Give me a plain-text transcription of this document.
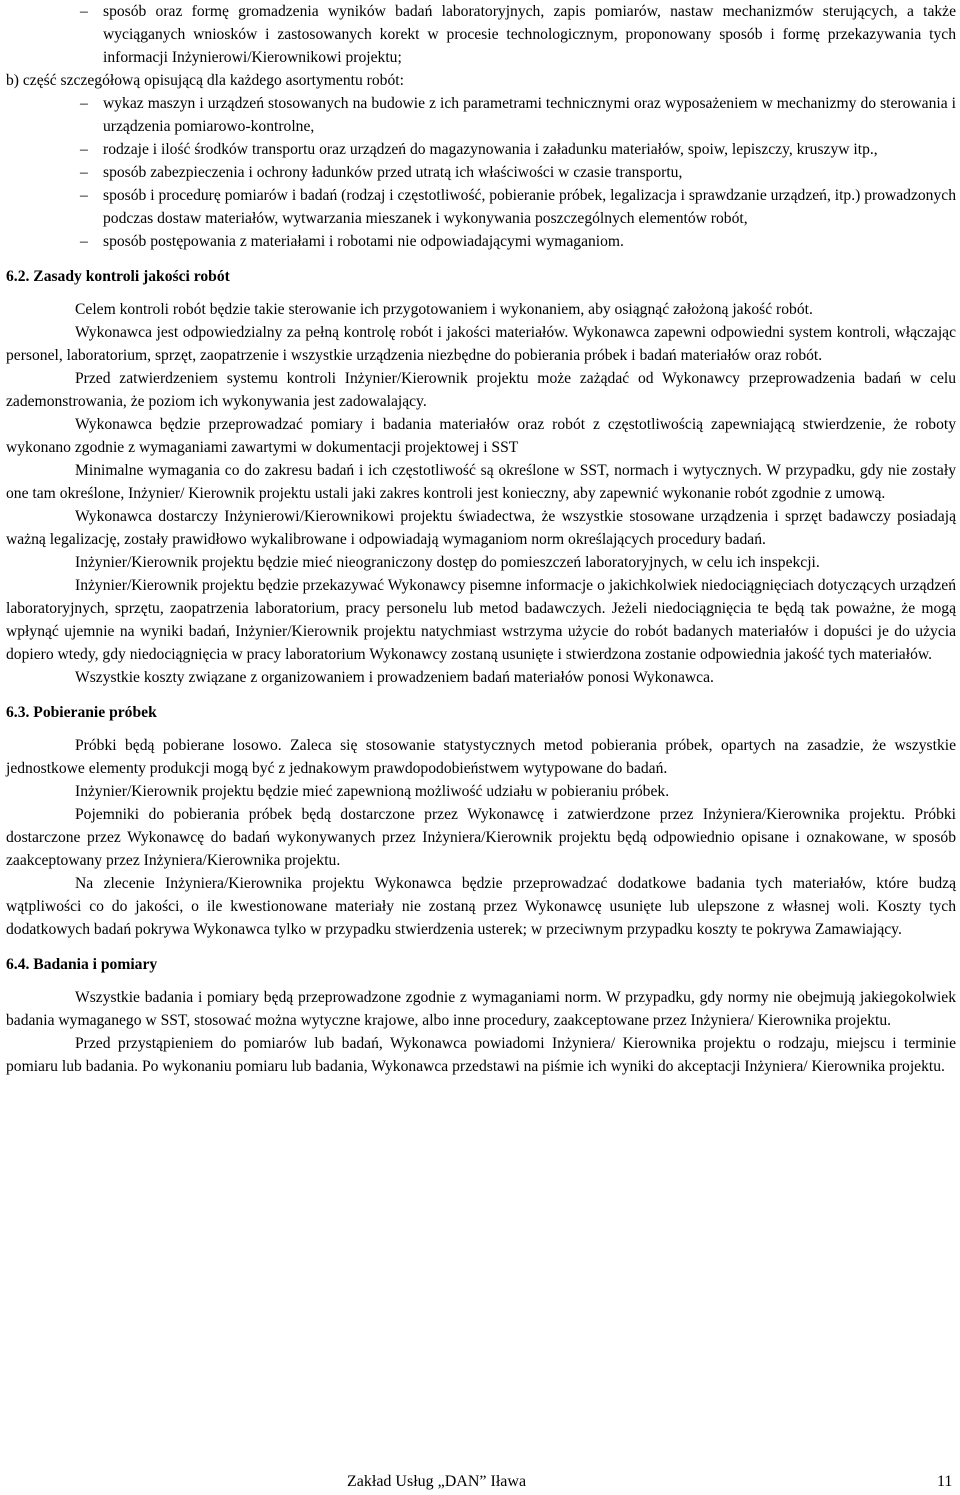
– sposób oraz formę gromadzenia wyników badań laboratoryjnych, zapis pomiarów, nastaw mechanizmów sterujących, a także wyciąganych wniosków i zastosowanych korekt w procesie technologicznym, proponowany sposób i formę przekazywania tych informacji Inżynierowi/Kierownikowi projektu;
b) część szczegółową opisującą dla każdego asortymentu robót:
– wykaz maszyn i urządzeń stosowanych na budowie z ich parametrami technicznymi oraz wyposażeniem w mechanizmy do sterowania i urządzenia pomiarowo-kontrolne,
– rodzaje i ilość środków transportu oraz urządzeń do magazynowania i załadunku materiałów, spoiw, lepiszczy, kruszyw itp.,
– sposób zabezpieczenia i ochrony ładunków przed utratą ich właściwości w czasie transportu,
– sposób i procedurę pomiarów i badań (rodzaj i częstotliwość, pobieranie próbek, legalizacja i sprawdzanie urządzeń, itp.) prowadzonych podczas dostaw materiałów, wytwarzania mieszanek i wykonywania poszczególnych elementów robót,
– sposób postępowania z materiałami i robotami nie odpowiadającymi wymaganiom.
6.2. Zasady kontroli jakości robót

Celem kontroli robót będzie takie sterowanie ich przygotowaniem i wykonaniem, aby osiągnąć założoną jakość robót.

Wykonawca jest odpowiedzialny za pełną kontrolę robót i jakości materiałów. Wykonawca zapewni odpowiedni system kontroli, włączając personel, laboratorium, sprzęt, zaopatrzenie i wszystkie urządzenia niezbędne do pobierania próbek i badań materiałów oraz robót.

Przed zatwierdzeniem systemu kontroli Inżynier/Kierownik projektu może zażądać od Wykonawcy przeprowadzenia badań w celu zademonstrowania, że poziom ich wykonywania jest zadowalający.

Wykonawca będzie przeprowadzać pomiary i badania materiałów oraz robót z częstotliwością zapewniającą stwierdzenie, że roboty wykonano zgodnie z wymaganiami zawartymi w dokumentacji projektowej i SST

Minimalne wymagania co do zakresu badań i ich częstotliwość są określone w SST, normach i wytycznych. W przypadku, gdy nie zostały one tam określone, Inżynier/ Kierownik projektu ustali jaki zakres kontroli jest konieczny, aby zapewnić wykonanie robót zgodnie z umową.

Wykonawca dostarczy Inżynierowi/Kierownikowi projektu świadectwa, że wszystkie stosowane urządzenia i sprzęt badawczy posiadają ważną legalizację, zostały prawidłowo wykalibrowane i odpowiadają wymaganiom norm określających procedury badań.

Inżynier/Kierownik projektu będzie mieć nieograniczony dostęp do pomieszczeń laboratoryjnych, w celu ich inspekcji.

Inżynier/Kierownik projektu będzie przekazywać Wykonawcy pisemne informacje o jakichkolwiek niedociągnięciach dotyczących urządzeń laboratoryjnych, sprzętu, zaopatrzenia laboratorium, pracy personelu lub metod badawczych. Jeżeli niedociągnięcia te będą tak poważne, że mogą wpłynąć ujemnie na wyniki badań, Inżynier/Kierownik projektu natychmiast wstrzyma użycie do robót badanych materiałów i dopuści je do użycia dopiero wtedy, gdy niedociągnięcia w pracy laboratorium Wykonawcy zostaną usunięte i stwierdzona zostanie odpowiednia jakość tych materiałów.

Wszystkie koszty związane z organizowaniem i prowadzeniem badań materiałów ponosi Wykonawca.

6.3. Pobieranie próbek

Próbki będą pobierane losowo. Zaleca się stosowanie statystycznych metod pobierania próbek, opartych na zasadzie, że wszystkie jednostkowe elementy produkcji mogą być z jednakowym prawdopodobieństwem wytypowane do badań.

Inżynier/Kierownik projektu będzie mieć zapewnioną możliwość udziału w pobieraniu próbek.

Pojemniki do pobierania próbek będą dostarczone przez Wykonawcę i zatwierdzone przez Inżyniera/Kierownika projektu. Próbki dostarczone przez Wykonawcę do badań wykonywanych przez Inżyniera/Kierownik projektu będą odpowiednio opisane i oznakowane, w sposób zaakceptowany przez Inżyniera/Kierownika projektu.

Na zlecenie Inżyniera/Kierownika projektu Wykonawca będzie przeprowadzać dodatkowe badania tych materiałów, które budzą wątpliwości co do jakości, o ile kwestionowane materiały nie zostaną przez Wykonawcę usunięte lub ulepszone z własnej woli. Koszty tych dodatkowych badań pokrywa Wykonawca tylko w przypadku stwierdzenia usterek; w przeciwnym przypadku koszty te pokrywa Zamawiający.

6.4. Badania i pomiary

Wszystkie badania i pomiary będą przeprowadzone zgodnie z wymaganiami norm. W przypadku, gdy normy nie obejmują jakiegokolwiek badania wymaganego w SST, stosować można wytyczne krajowe, albo inne procedury, zaakceptowane przez Inżyniera/ Kierownika projektu.

Przed przystąpieniem do pomiarów lub badań, Wykonawca powiadomi Inżyniera/ Kierownika projektu o rodzaju, miejscu i terminie pomiaru lub badania. Po wykonaniu pomiaru lub badania, Wykonawca przedstawi na piśmie ich wyniki do akceptacji Inżyniera/ Kierownika projektu.

Zakład Usług „DAN” Iława	11
